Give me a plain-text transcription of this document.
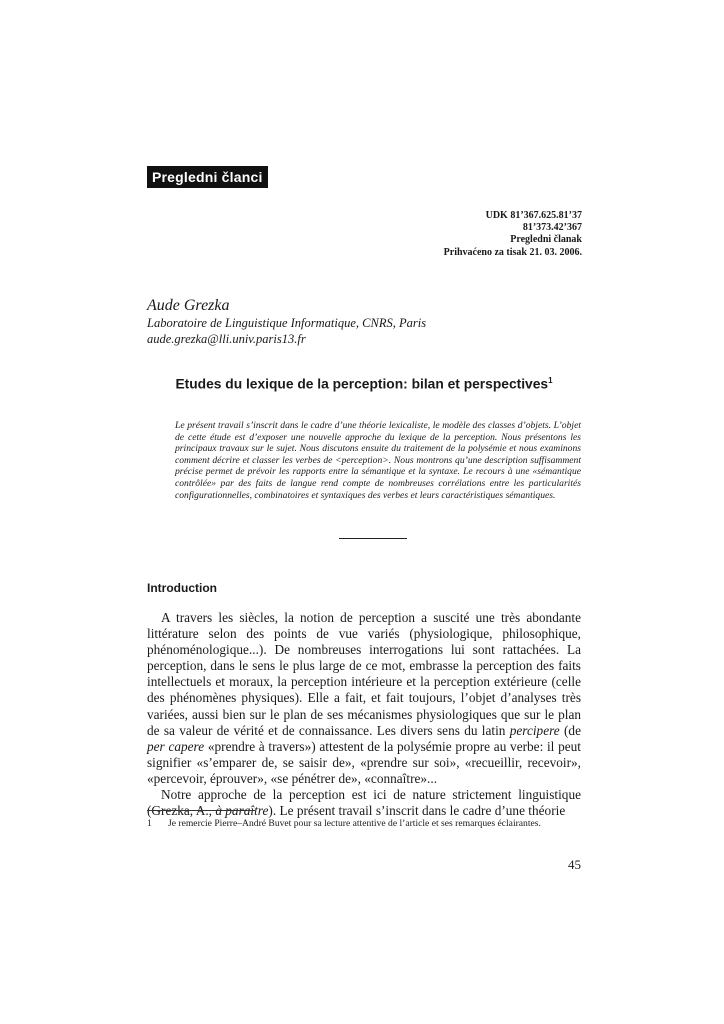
Pregledni članci
UDK 81’367.625.81’37
81’373.42’367
Pregledni članak
Prihvaćeno za tisak 21. 03. 2006.
Aude Grezka
Laboratoire de Linguistique Informatique, CNRS, Paris
aude.grezka@lli.univ.paris13.fr
Etudes du lexique de la perception: bilan et perspectives$^1$

Le présent travail s’inscrit dans le cadre d’une théorie lexicaliste, le modèle des classes d’objets. L’objet de cette étude est d’exposer une nouvelle approche du lexique de la perception. Nous présentons les principaux travaux sur le sujet. Nous discutons ensuite du traitement de la polysémie et nous examinons comment décrire et classer les verbes de <perception>. Nous montrons qu’une description suffisamment précise permet de prévoir les rapports entre la sémantique et la syntaxe. Le recours à une «sémantique contrôlée» par des faits de langue rend compte de nombreuses corrélations entre les particularités configurationnelles, combinatoires et syntaxiques des verbes et leurs caractéristiques sémantiques.

Introduction

A travers les siècles, la notion de perception a suscité une très abondante littérature selon des points de vue variés (physiologique, philosophique, phénoménologique...). De nombreuses interrogations lui sont rattachées. La perception, dans le sens le plus large de ce mot, embrasse la perception des faits intellectuels et moraux, la perception intérieure et la perception extérieure (celle des phénomènes physiques). Elle a fait, et fait toujours, l’objet d’analyses très variées, aussi bien sur le plan de ses mécanismes physiologiques que sur le plan de sa valeur de vérité et de connaissance. Les divers sens du latin percipere (de per capere «prendre à travers») attestent de la polysémie propre au verbe: il peut signifier «s’emparer de, se saisir de», «prendre sur soi», «recueillir, recevoir», «percevoir, éprouver», «se pénétrer de», «connaître»...

Notre approche de la perception est ici de nature strictement linguistique (Grezka, A., à paraître). Le présent travail s’inscrit dans le cadre d’une théorie

1 Je remercie Pierre–André Buvet pour sa lecture attentive de l’article et ses remarques éclairantes.
45
